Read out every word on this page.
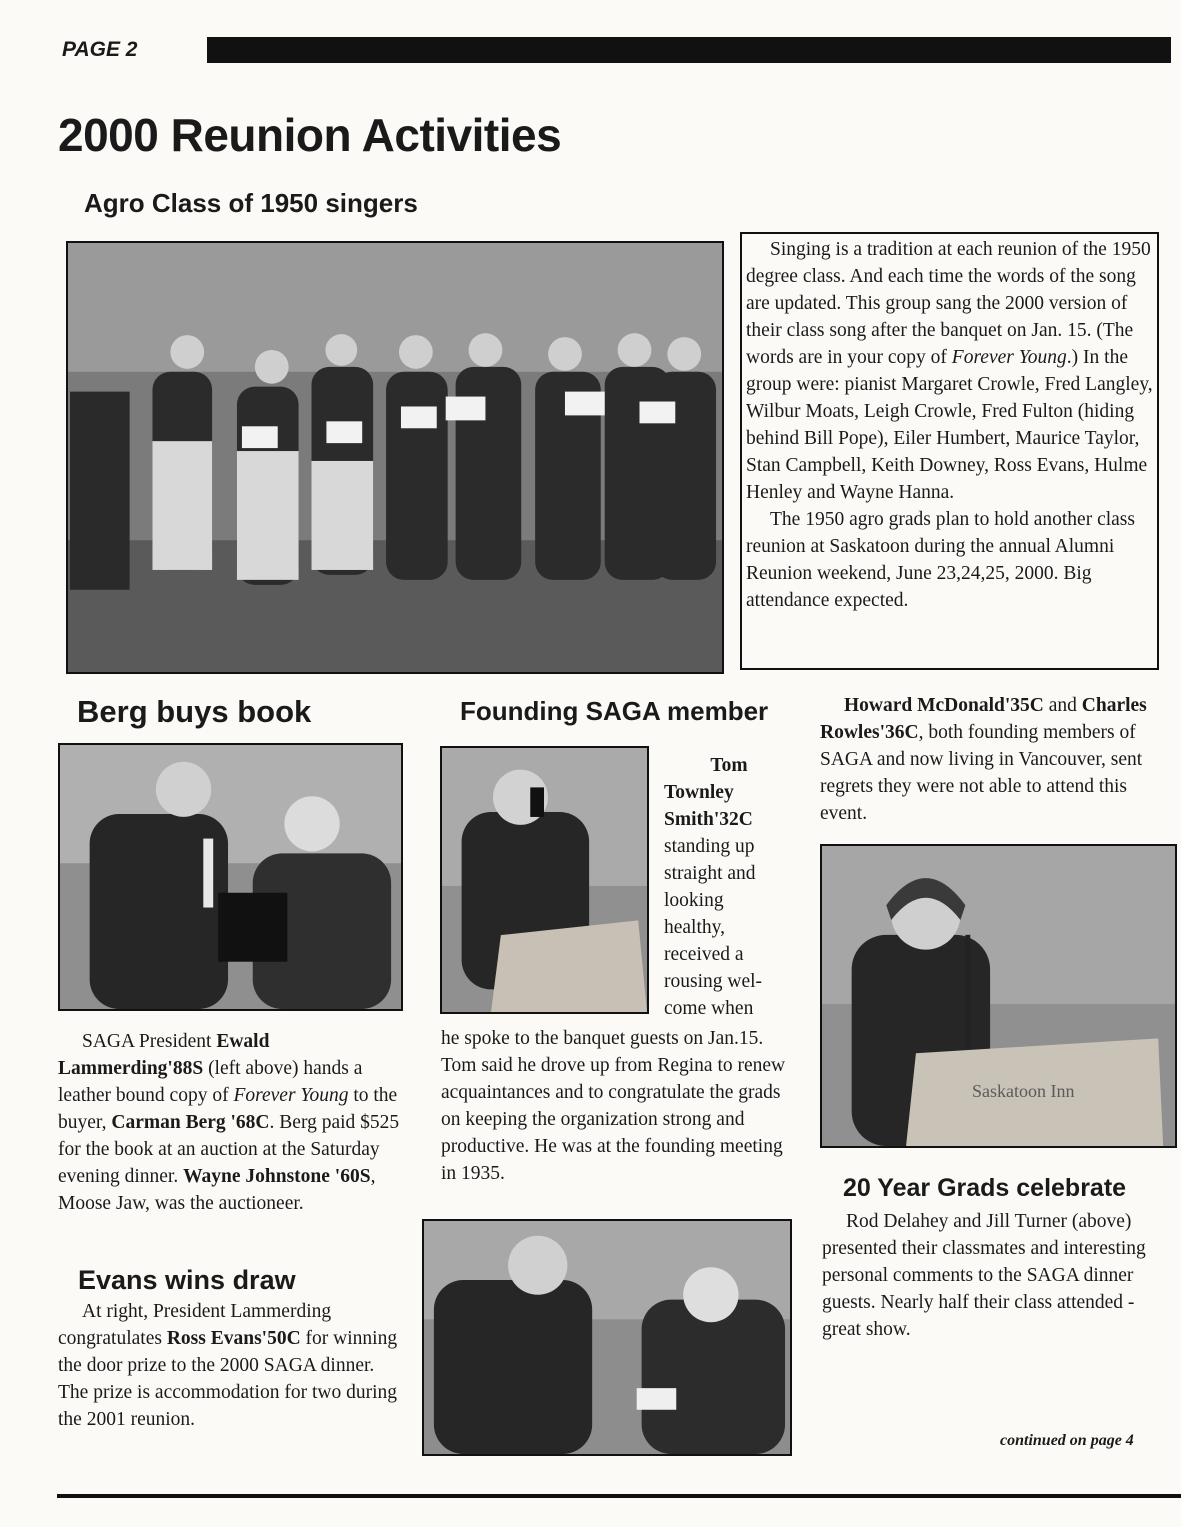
PAGE 2
2000 Reunion Activities
Agro Class of 1950 singers

Singing is a tradition at each reunion of the 1950 degree class. And each time the words of the song are updated. This group sang the 2000 version of their class song after the banquet on Jan. 15. (The words are in your copy of Forever Young.) In the group were: pianist Margaret Crowle, Fred Langley, Wilbur Moats, Leigh Crowle, Fred Fulton (hiding behind Bill Pope), Eiler Humbert, Maurice Taylor, Stan Campbell, Keith Downey, Ross Evans, Hulme Henley and Wayne Hanna.

The 1950 agro grads plan to hold another class reunion at Saskatoon during the annual Alumni Reunion weekend, June 23,24,25, 2000. Big attendance expected.

Berg buys book

SAGA President Ewald Lammerding'88S (left above) hands a leather bound copy of Forever Young to the buyer, Carman Berg '68C. Berg paid $525 for the book at an auction at the Saturday evening dinner. Wayne Johnstone '60S, Moose Jaw, was the auctioneer.

Evans wins draw

At right, President Lammerding congratulates Ross Evans'50C for winning the door prize to the 2000 SAGA dinner. The prize is accommodation for two during the 2001 reunion.

Founding SAGA member
Tom
Townley
Smith'32C
standing up
straight and
looking
healthy,
received a
rousing wel-
come when
he spoke to the banquet guests on Jan.15. Tom said he drove up from Regina to renew acquaintances and to congratulate the grads on keeping the organization strong and productive. He was at the founding meeting in 1935.

Howard McDonald'35C and Charles Rowles'36C, both founding members of SAGA and now living in Vancouver, sent regrets they were not able to attend this event.

Saskatoon Inn
20 Year Grads celebrate

Rod Delahey and Jill Turner (above) presented their classmates and interesting personal comments to the SAGA dinner guests. Nearly half their class attended - great show.

continued on page 4
